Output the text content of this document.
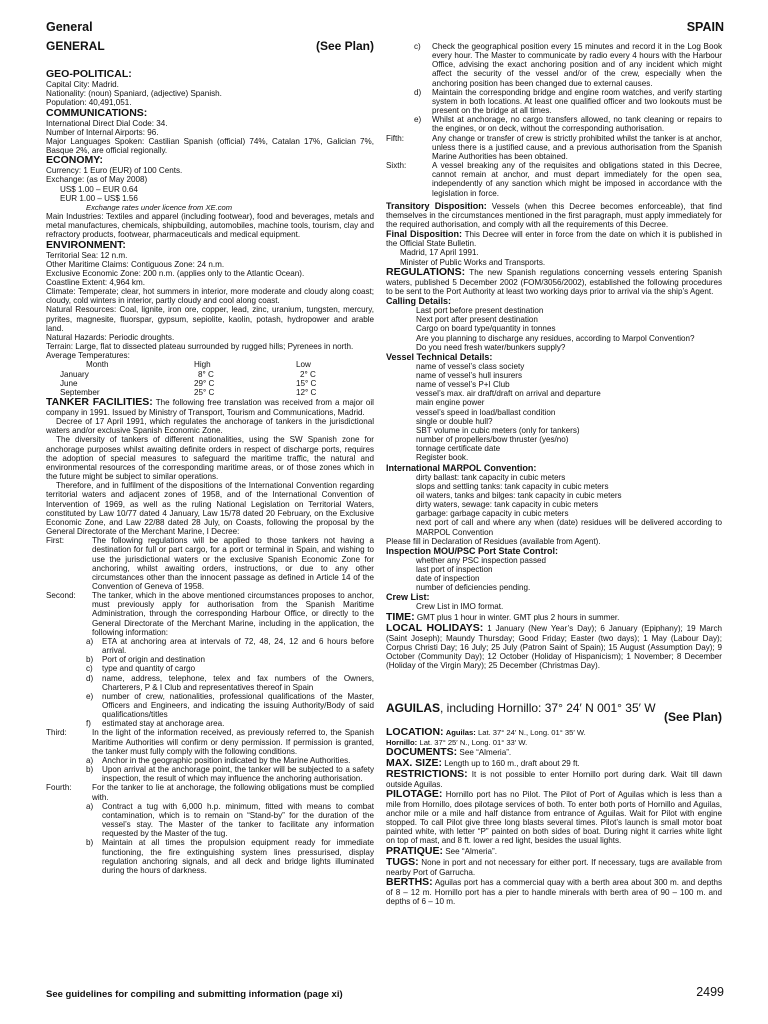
General	SPAIN
GENERAL	(See Plan)
GEO-POLITICAL:
Capital City: Madrid.
Nationality: (noun) Spaniard, (adjective) Spanish.
Population: 40,491,051.
COMMUNICATIONS:
International Direct Dial Code: 34.
Number of Internal Airports: 96.
Major Languages Spoken: Castilian Spanish (official) 74%, Catalan 17%, Galician 7%, Basque 2%, are official regionally.
ECONOMY:
Currency: 1 Euro (EUR) of 100 Cents.
Exchange: (as of May 2008)
US$ 1.00 – EUR 0.64
EUR 1.00 – US$ 1.56
Exchange rates under licence from XE.com
Main Industries: Textiles and apparel (including footwear), food and beverages, metals and metal manufactures, chemicals, shipbuilding, automobiles, machine tools, tourism, clay and refractory products, footwear, pharmaceuticals and medical equipment.
ENVIRONMENT:
Territorial Sea: 12 n.m.
Other Maritime Claims: Contiguous Zone: 24 n.m.
Exclusive Economic Zone: 200 n.m. (applies only to the Atlantic Ocean).
Coastline Extent: 4,964 km.
Climate: Temperate; clear, hot summers in interior, more moderate and cloudy along coast; cloudy, cold winters in interior, partly cloudy and cool along coast.
Natural Resources: Coal, lignite, iron ore, copper, lead, zinc, uranium, tungsten, mercury, pyrites, magnesite, fluorspar, gypsum, sepiolite, kaolin, potash, hydropower and arable land.
Natural Hazards: Periodic droughts.
Terrain: Large, flat to dissected plateau surrounded by rugged hills; Pyrenees in north.
Average Temperatures:
Month	High	Low
January	8° C	2° C
June	29° C	15° C
September	25° C	12° C
TANKER FACILITIES: The following free translation was received from a major oil company in 1991. Issued by Ministry of Transport, Tourism and Communications, Madrid.
Decree of 17 April 1991, which regulates the anchorage of tankers in the jurisdictional waters and/or exclusive Spanish Economic Zone.
The diversity of tankers of different nationalities, using the SW Spanish zone for anchorage purposes whilst awaiting definite orders in respect of discharge ports, requires the adoption of special measures to safeguard the maritime traffic, the natural and environmental resources of the corresponding maritime areas, or of those zones which in the future might be subject to similar operations.
Therefore, and in fulfilment of the dispositions of the International Convention regarding territorial waters and adjacent zones of 1958, and of the International Convention of Intervention of 1969, as well as the ruling National Legislation on Territorial Waters, constituted by Law 10/77 dated 4 January, Law 15/78 dated 20 February, on the Exclusive Economic Zone, and Law 22/88 dated 28 July, on Coasts, following the proposal by the General Directorate of the Merchant Marine, I Decree:
First:	The following regulations will be applied to those tankers not having a destination for full or part cargo, for a port or terminal in Spain, and wishing to use the jurisdictional waters or the exclusive Spanish Economic Zone for anchoring, whilst awaiting orders, instructions, or due to any other circumstances other than the innocent passage as defined in Article 14 of the Convention of Geneva of 1958.
Second:	The tanker, which in the above mentioned circumstances proposes to anchor, must previously apply for authorisation from the Spanish Maritime Administration, through the corresponding Harbour Office, or directly to the General Directorate of the Merchant Marine, including in the application, the following information:
a)	ETA at anchoring area at intervals of 72, 48, 24, 12 and 6 hours before arrival.
b)	Port of origin and destination
c)	type and quantity of cargo
d)	name, address, telephone, telex and fax numbers of the Owners, Charterers, P & I Club and representatives thereof in Spain
e)	number of crew, nationalities, professional qualifications of the Master, Officers and Engineers, and indicating the issuing Authority/Body of said qualifications/titles
f)	estimated stay at anchorage area.
Third:	In the light of the information received, as previously referred to, the Spanish Maritime Authorities will confirm or deny permission. If permission is granted, the tanker must fully comply with the following conditions.
a)	Anchor in the geographic position indicated by the Marine Authorities.
b)	Upon arrival at the anchorage point, the tanker will be subjected to a safety inspection, the result of which may influence the anchoring authorisation.
Fourth:	For the tanker to lie at anchorage, the following obligations must be complied with.
a)	Contract a tug with 6,000 h.p. minimum, fitted with means to combat contamination, which is to remain on “Stand-by” for the duration of the vessel’s stay. The Master of the tanker to facilitate any information requested by the Master of the tug.
b)	Maintain at all times the propulsion equipment ready for immediate functioning, the fire extinguishing system lines pressurised, display regulation anchoring signals, and all deck and bridge lights illuminated during the hours of darkness.
c)	Check the geographical position every 15 minutes and record it in the Log Book every hour. The Master to communicate by radio every 4 hours with the Harbour Office, advising the exact anchoring position and of any incident which might affect the security of the vessel and/or of the crew, especially when the anchoring position has been changed due to external causes.
d)	Maintain the corresponding bridge and engine room watches, and verify starting system in both locations. At least one qualified officer and two lookouts must be present on the bridge at all times.
e)	Whilst at anchorage, no cargo transfers allowed, no tank cleaning or repairs to the engines, or on deck, without the corresponding authorisation.
Fifth:	Any change or transfer of crew is strictly prohibited whilst the tanker is at anchor, unless there is a justified cause, and a previous authorisation from the Spanish Marine Authorities has been obtained.
Sixth:	A vessel breaking any of the requisites and obligations stated in this Decree, cannot remain at anchor, and must depart immediately for the open sea, independently of any sanction which might be imposed in accordance with the legislation in force.
Transitory Disposition: Vessels (when this Decree becomes enforceable), that find themselves in the circumstances mentioned in the first paragraph, must apply immediately for the required authorisation, and comply with all the requirements of this Decree.
Final Disposition: This Decree will enter in force from the date on which it is published in the Official State Bulletin.
Madrid, 17 April 1991.
Minister of Public Works and Transports.
REGULATIONS: The new Spanish regulations concerning vessels entering Spanish waters, published 5 December 2002 (FOM/3056/2002), established the following procedures to be sent to the Port Authority at least two working days prior to arrival via the ship’s Agent.
Calling Details:
Last port before present destination
Next port after present destination
Cargo on board type/quantity in tonnes
Are you planning to discharge any residues, according to Marpol Convention?
Do you need fresh water/bunkers supply?
Vessel Technical Details:
name of vessel’s class society
name of vessel’s hull insurers
name of vessel’s P+I Club
vessel’s max. air draft/draft on arrival and departure
main engine power
vessel’s speed in load/ballast condition
single or double hull?
SBT volume in cubic meters (only for tankers)
number of propellers/bow thruster (yes/no)
tonnage certificate date
Register book.
International MARPOL Convention:
dirty ballast: tank capacity in cubic meters
slops and settling tanks: tank capacity in cubic meters
oil waters, tanks and bilges: tank capacity in cubic meters
dirty waters, sewage: tank capacity in cubic meters
garbage: garbage capacity in cubic meters
next port of call and where any when (date) residues will be delivered according to MARPOL Convention
Please fill in Declaration of Residues (available from Agent).
Inspection MOU/PSC Port State Control:
whether any PSC inspection passed
last port of inspection
date of inspection
number of deficiencies pending.
Crew List:
Crew List in IMO format.
TIME: GMT plus 1 hour in winter. GMT plus 2 hours in summer.
LOCAL HOLIDAYS: 1 January (New Year’s Day); 6 January (Epiphany); 19 March (Saint Joseph); Maundy Thursday; Good Friday; Easter (two days); 1 May (Labour Day); Corpus Christi Day; 16 July; 25 July (Patron Saint of Spain); 15 August (Assumption Day); 9 October (Community Day); 12 October (Holiday of Hispanicism); 1 November; 8 December (Holiday of the Virgin Mary); 25 December (Christmas Day).
AGUILAS, including Hornillo: 37° 24′ N 001° 35′ W
(See Plan)
LOCATION: Aguilas: Lat. 37° 24′ N., Long. 01° 35′ W.
Hornillo: Lat. 37° 25′ N., Long. 01° 33′ W.
DOCUMENTS: See “Almeria”.
MAX. SIZE: Length up to 160 m., draft about 29 ft.
RESTRICTIONS: It is not possible to enter Hornillo port during dark. Wait till dawn outside Aguilas.
PILOTAGE: Hornillo port has no Pilot. The Pilot of Port of Aguilas which is less than a mile from Hornillo, does pilotage services of both. To enter both ports of Hornillo and Aguilas, anchor mile or a mile and half distance from entrance of Aguilas. Wait for Pilot with engine stopped. To call Pilot give three long blasts several times. Pilot’s launch is small motor boat painted white, with letter “P” painted on both sides of boat. During night it carries white light on top of mast, and 8 ft. lower a red light, besides the usual lights.
PRATIQUE: See “Almeria”.
TUGS: None in port and not necessary for either port. If necessary, tugs are available from nearby Port of Garrucha.
BERTHS: Aguilas port has a commercial quay with a berth area about 300 m. and depths of 8 – 12 m. Hornillo port has a pier to handle minerals with berth area of 90 – 100 m. and depths of 6 – 10 m.
See guidelines for compiling and submitting information (page xi)	2499
